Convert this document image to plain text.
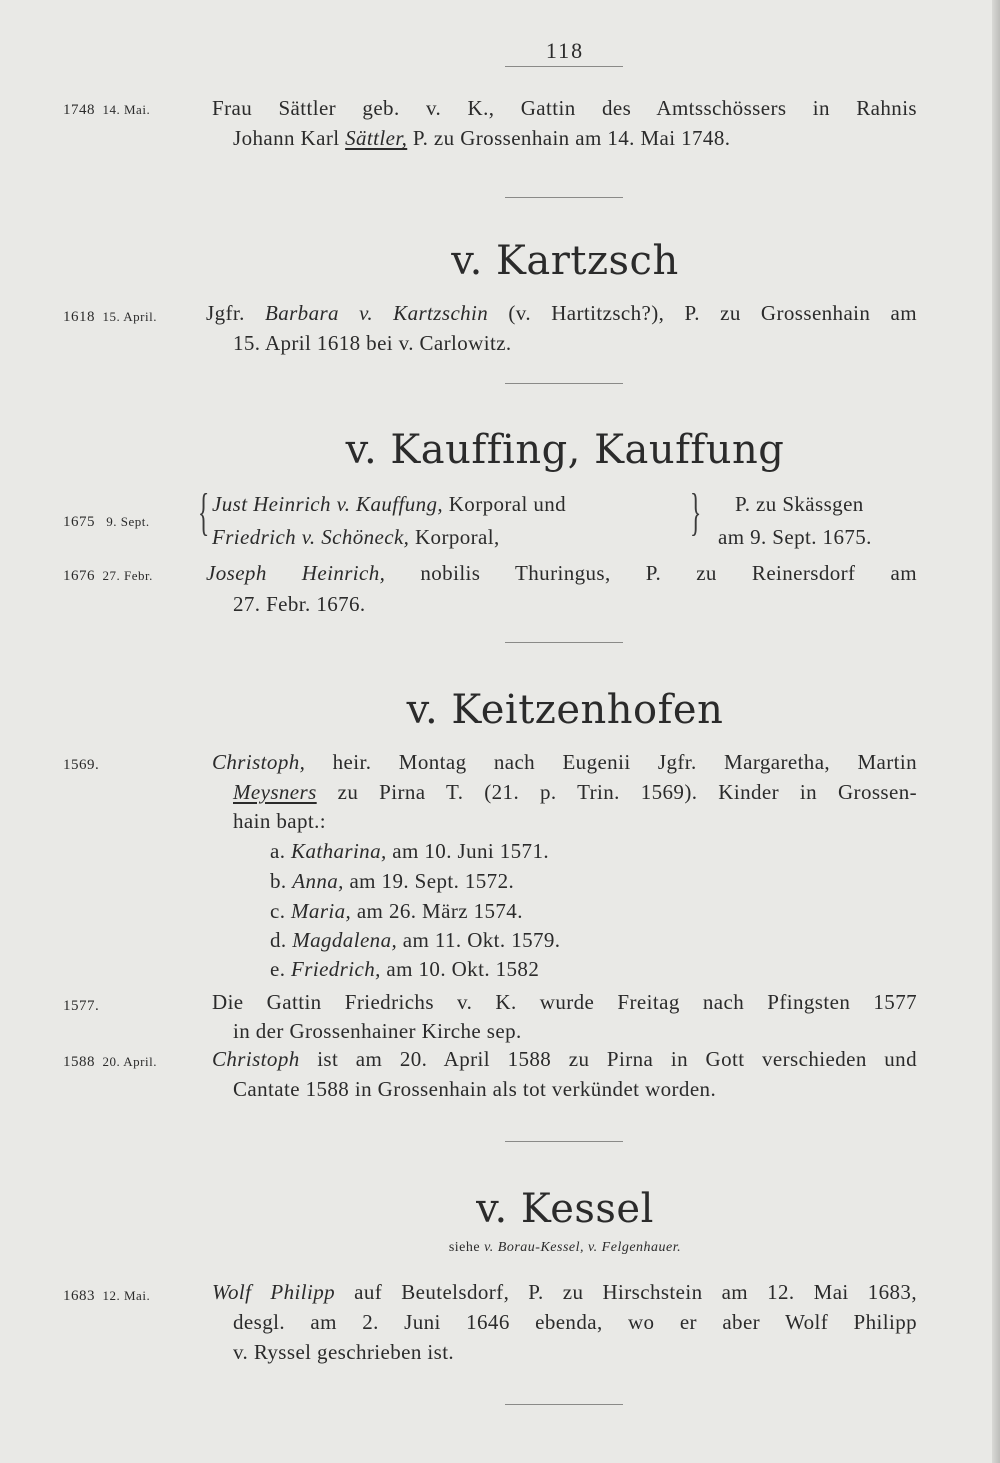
118
1748 14. Mai.	Frau Sättler geb. v. K., Gattin des Amtsschössers in Rahnis
Johann Karl Sättler, P. zu Grossenhain am 14. Mai 1748.
v. Kartzsch
1618 15. April. Jgfr. Barbara v. Kartzschin (v. Hartitzsch?), P. zu Grossenhain am
15. April 1618 bei v. Carlowitz.
v. Kauffing, Kauffung
1675 9. Sept. { Just Heinrich v. Kauffung, Korporal und
Friedrich v. Schöneck, Korporal,	} P. zu Skässgen
am 9. Sept. 1675.
1676 27. Febr.	Joseph Heinrich, nobilis Thuringus, P. zu Reinersdorf am
27. Febr. 1676.
v. Keitzenhofen
1569.	Christoph, heir. Montag nach Eugenii Jgfr. Margaretha, Martin
Meysners zu Pirna T. (21. p. Trin. 1569). Kinder in Grossen-
hain bapt.:
a. Katharina, am 10. Juni 1571.
b. Anna, am 19. Sept. 1572.
c. Maria, am 26. März 1574.
d. Magdalena, am 11. Okt. 1579.
e. Friedrich, am 10. Okt. 1582
1577.	Die Gattin Friedrichs v. K. wurde Freitag nach Pfingsten 1577
in der Grossenhainer Kirche sep.
1588 20. April.	Christoph ist am 20. April 1588 zu Pirna in Gott verschieden und
Cantate 1588 in Grossenhain als tot verkündet worden.
v. Kessel
siehe v. Borau-Kessel, v. Felgenhauer.
1683 12. Mai.	Wolf Philipp auf Beutelsdorf, P. zu Hirschstein am 12. Mai 1683,
desgl. am 2. Juni 1646 ebenda, wo er aber Wolf Philipp
v. Ryssel geschrieben ist.
